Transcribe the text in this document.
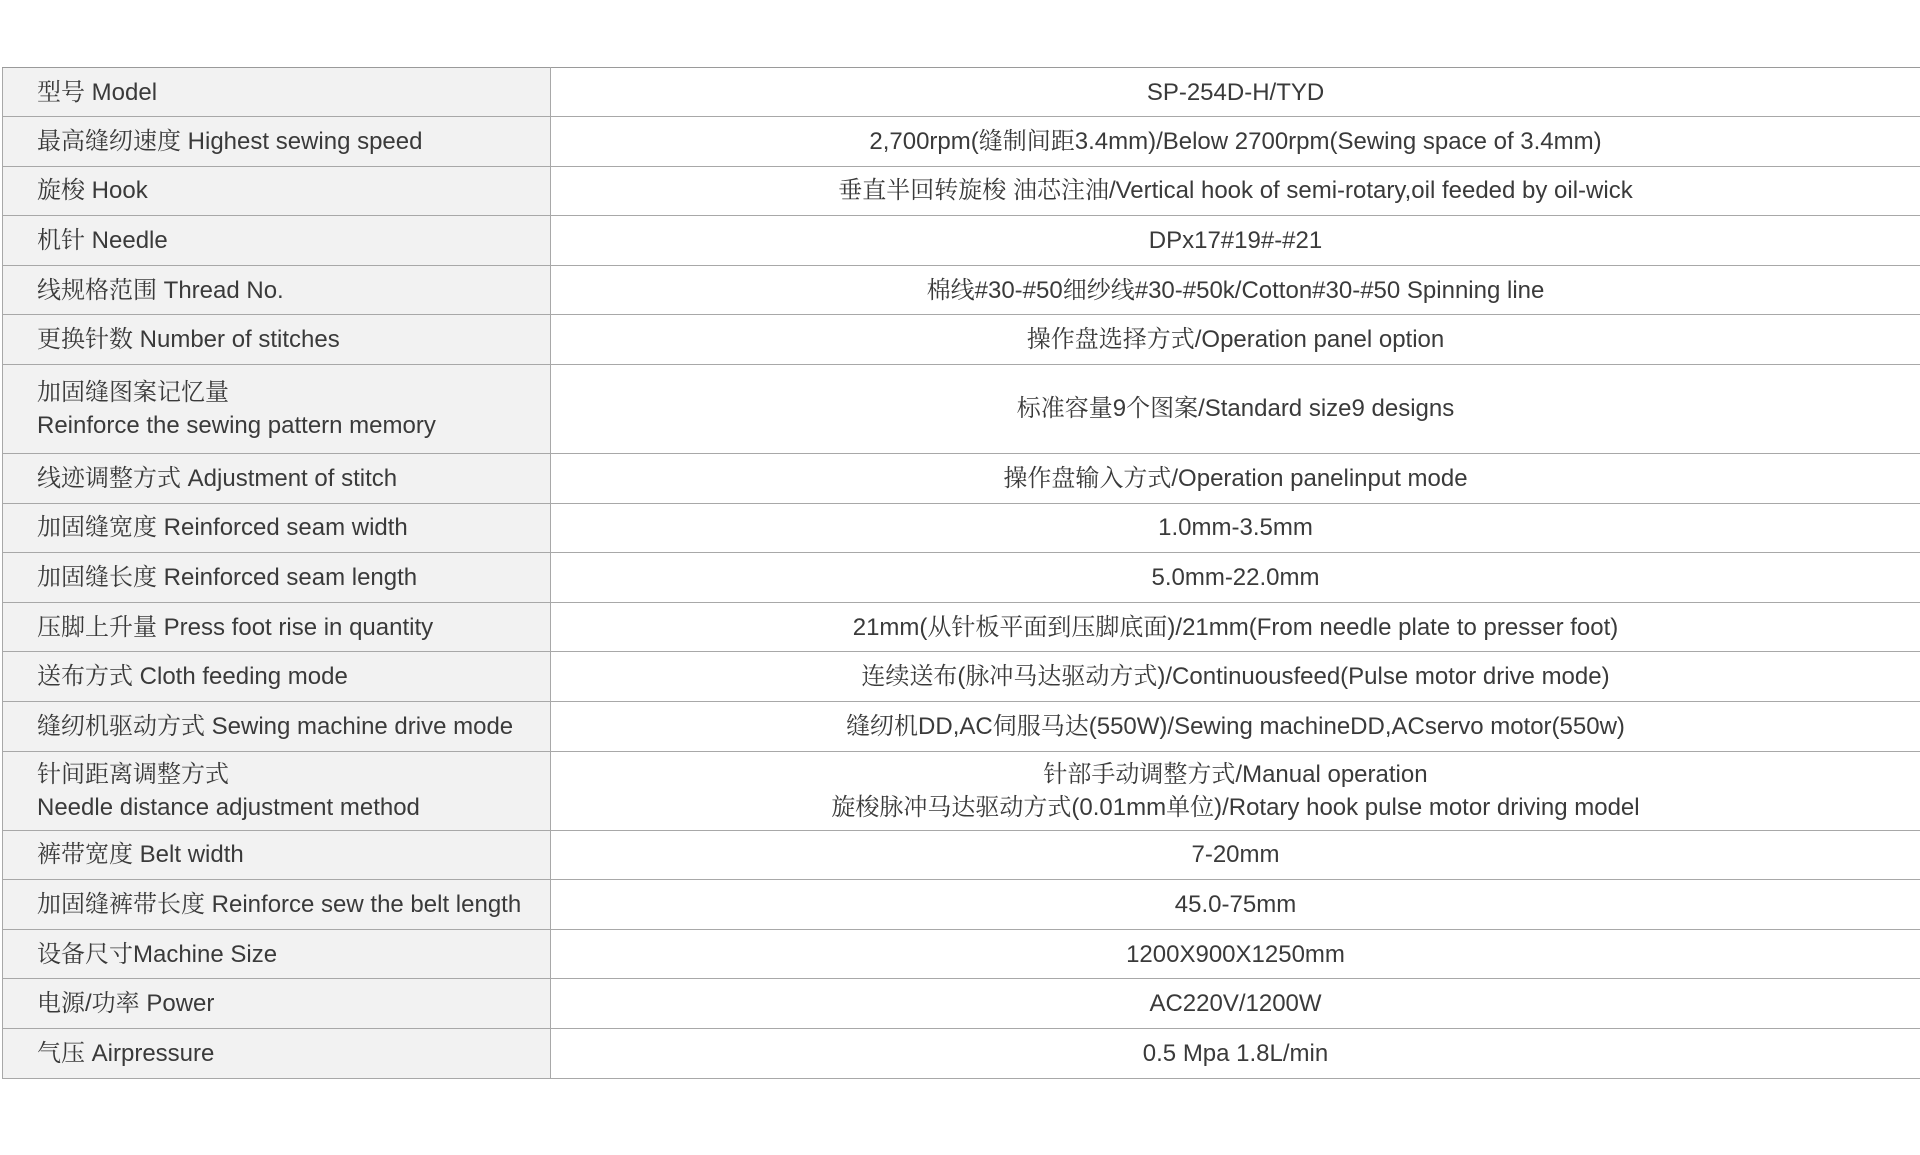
型号 Model	SP-254D-H/TYD

最高缝纫速度 Highest sewing speed	2,700rpm(缝制间距3.4mm)/Below 2700rpm(Sewing space of 3.4mm)

旋梭 Hook	垂直半回转旋梭 油芯注油/Vertical hook of semi-rotary,oil feeded by oil-wick

机针 Needle	DPx17#19#-#21

线规格范围 Thread No.	棉线#30-#50细纱线#30-#50k/Cotton#30-#50 Spinning line

更换针数 Number of stitches	操作盘选择方式/Operation panel option

加固缝图案记忆量
Reinforce the sewing pattern memory	标准容量9个图案/Standard size9 designs

线迹调整方式 Adjustment of stitch	操作盘输入方式/Operation panelinput mode

加固缝宽度 Reinforced seam width	1.0mm-3.5mm

加固缝长度 Reinforced seam length	5.0mm-22.0mm

压脚上升量 Press foot rise in quantity	21mm(从针板平面到压脚底面)/21mm(From needle plate to presser foot)

送布方式 Cloth feeding mode	连续送布(脉冲马达驱动方式)/Continuousfeed(Pulse motor drive mode)

缝纫机驱动方式 Sewing machine drive mode	缝纫机DD,AC伺服马达(550W)/Sewing machineDD,ACservo motor(550w)

针间距离调整方式
Needle distance adjustment method	针部手动调整方式/Manual operation
旋梭脉冲马达驱动方式(0.01mm单位)/Rotary hook pulse motor driving model

裤带宽度 Belt width	7-20mm

加固缝裤带长度 Reinforce sew the belt length	45.0-75mm

设备尺寸Machine Size	1200X900X1250mm

电源/功率 Power	AC220V/1200W

气压 Airpressure	0.5 Mpa 1.8L/min
